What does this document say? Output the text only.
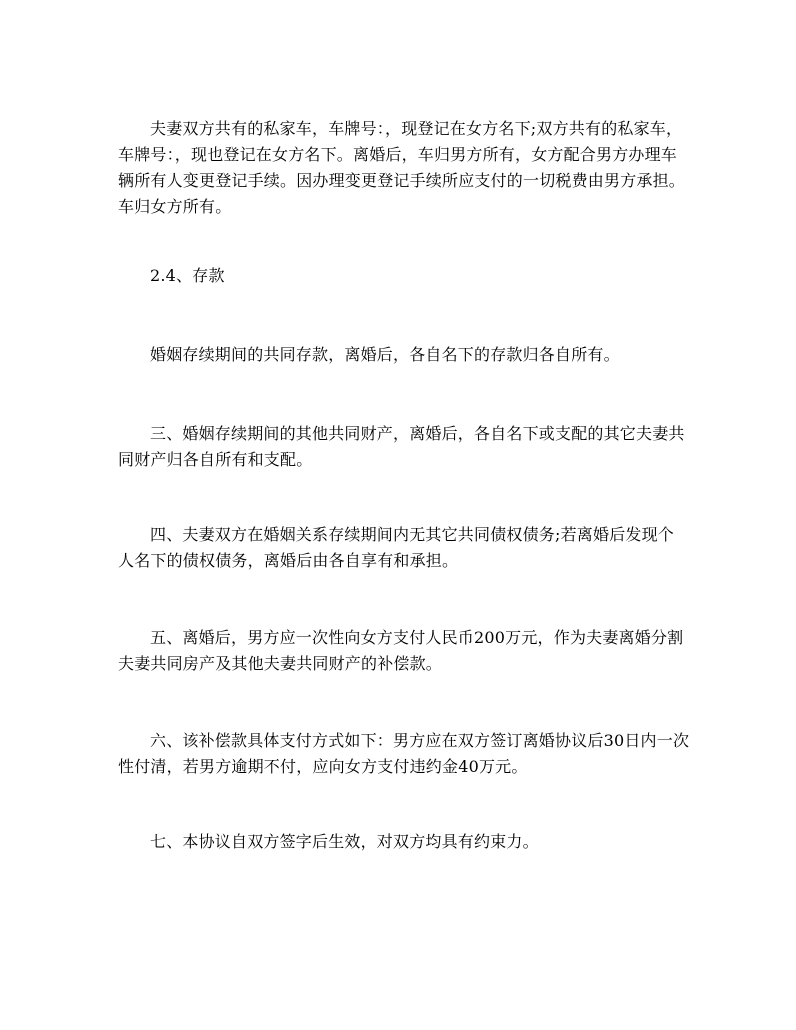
夫妻双方共有的私家车，车牌号：，现登记在女方名下;双方共有的私家车，车牌号：，现也登记在女方名下。离婚后，车归男方所有，女方配合男方办理车辆所有人变更登记手续。因办理变更登记手续所应支付的一切税费由男方承担。车归女方所有。

2.4、存款

婚姻存续期间的共同存款，离婚后，各自名下的存款归各自所有。

三、婚姻存续期间的其他共同财产，离婚后，各自名下或支配的其它夫妻共同财产归各自所有和支配。

四、夫妻双方在婚姻关系存续期间内无其它共同债权债务;若离婚后发现个人名下的债权债务，离婚后由各自享有和承担。

五、离婚后，男方应一次性向女方支付人民币200万元，作为夫妻离婚分割夫妻共同房产及其他夫妻共同财产的补偿款。

六、该补偿款具体支付方式如下：男方应在双方签订离婚协议后30日内一次性付清，若男方逾期不付，应向女方支付违约金40万元。

七、本协议自双方签字后生效，对双方均具有约束力。
